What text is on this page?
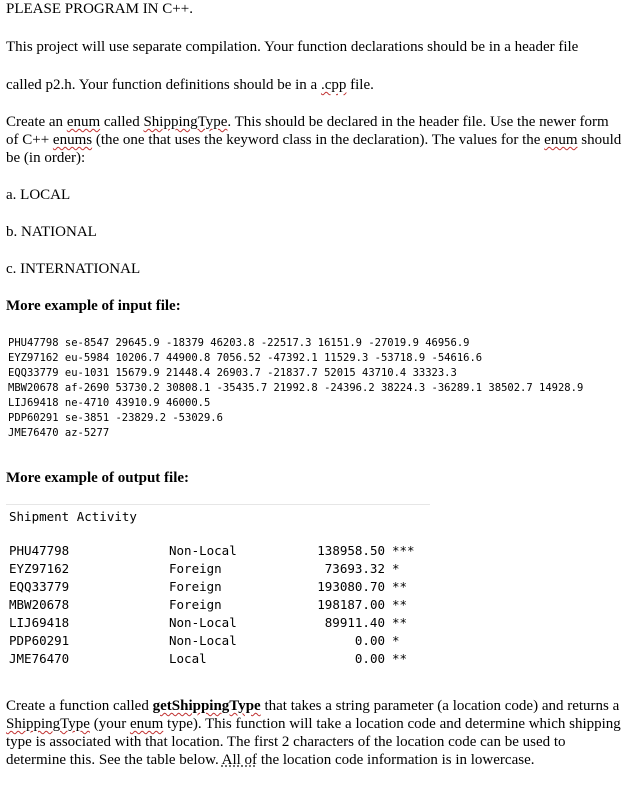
PLEASE PROGRAM IN C++.
This project will use separate compilation. Your function declarations should be in a header file
called p2.h. Your function definitions should be in a .cpp file.
Create an enum called ShippingType. This should be declared in the header file. Use the newer form of C++ enums (the one that uses the keyword class in the declaration). The values for the enum should be (in order):
a. LOCAL
b. NATIONAL
c. INTERNATIONAL
More example of input file:
PHU47798 se-8547 29645.9 -18379 46203.8 -22517.3 16151.9 -27019.9 46956.9
EYZ97162 eu-5984 10206.7 44900.8 7056.52 -47392.1 11529.3 -53718.9 -54616.6
EQQ33779 eu-1031 15679.9 21448.4 26903.7 -21837.7 52015 43710.4 33323.3
MBW20678 af-2690 53730.2 30808.1 -35435.7 21992.8 -24396.2 38224.3 -36289.1 38502.7 14928.9
LIJ69418 ne-4710 43910.9 46000.5
PDP60291 se-3851 -23829.2 -53029.6
JME76470 az-5277
More example of output file:
Shipment Activity
PHU47798	Non-Local	138958.50 ***
EYZ97162	Foreign	73693.32 *
EQQ33779	Foreign	193080.70 **
MBW20678	Foreign	198187.00 **
LIJ69418	Non-Local	89911.40 **
PDP60291	Non-Local	0.00 *
JME76470	Local	0.00 **
Create a function called getShippingType that takes a string parameter (a location code) and returns a ShippingType (your enum type). This function will take a location code and determine which shipping type is associated with that location. The first 2 characters of the location code can be used to determine this. See the table below. All of the location code information is in lowercase.
